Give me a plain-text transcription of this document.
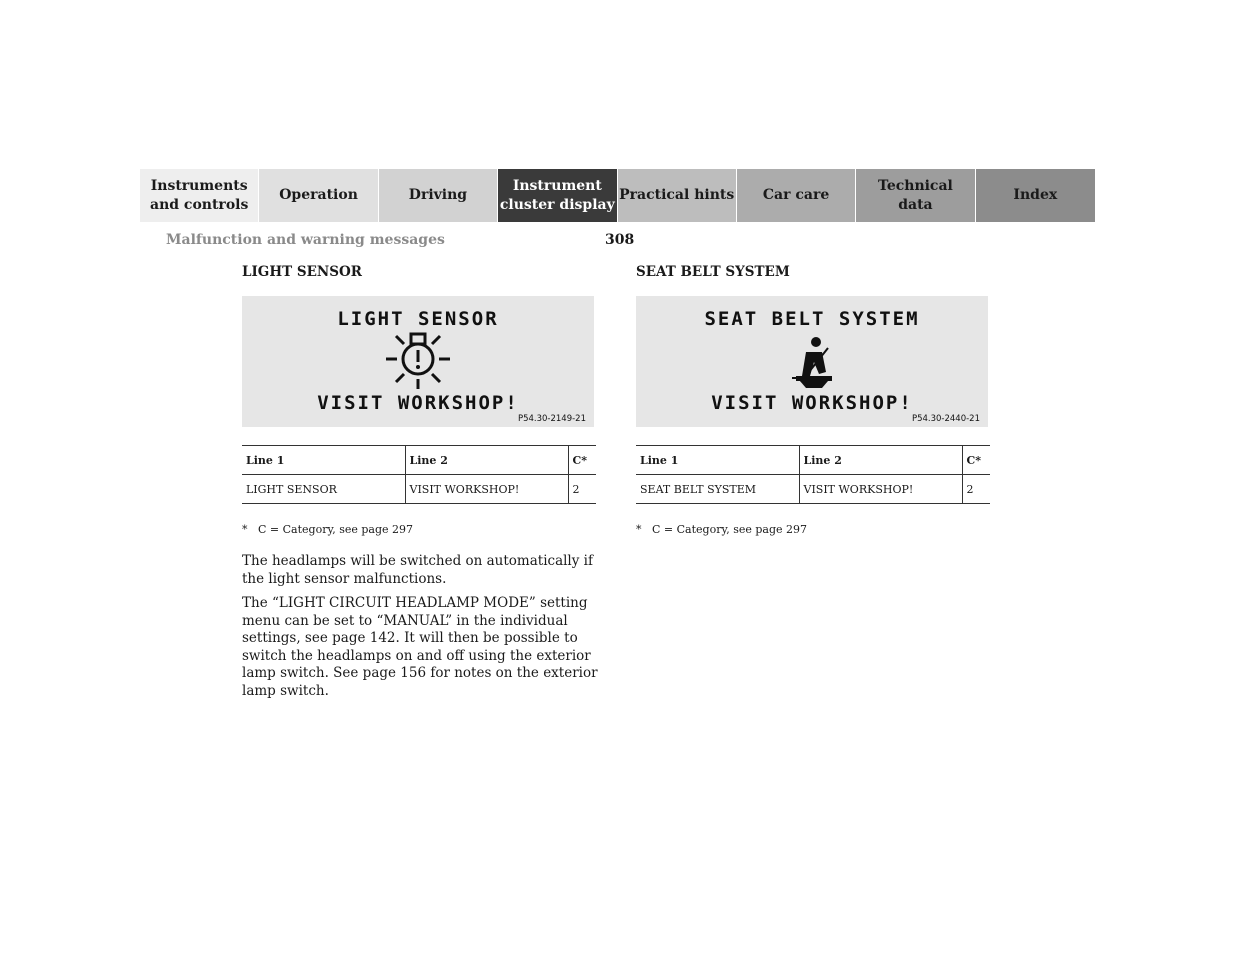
Instruments
and controls
Operation	Driving
Instrument
cluster display
Practical hints	Car care
Technical
data
Index
Malfunction and warning messages	308
LIGHT SENSOR
LIGHT SENSOR
VISIT WORKSHOP!
P54.30-2149-21
Line 1	Line 2	C*
LIGHT SENSOR	VISIT WORKSHOP!	2
* C = Category, see page 297

The headlamps will be switched on automatically if the light sensor malfunctions.

The “LIGHT CIRCUIT HEADLAMP MODE” setting menu can be set to “MANUAL” in the individual settings, see page 142. It will then be possible to switch the headlamps on and off using the exterior lamp switch. See page 156 for notes on the exterior lamp switch.

SEAT BELT SYSTEM
SEAT BELT SYSTEM
VISIT WORKSHOP!
P54.30-2440-21
Line 1	Line 2	C*
SEAT BELT SYSTEM	VISIT WORKSHOP!	2
* C = Category, see page 297
